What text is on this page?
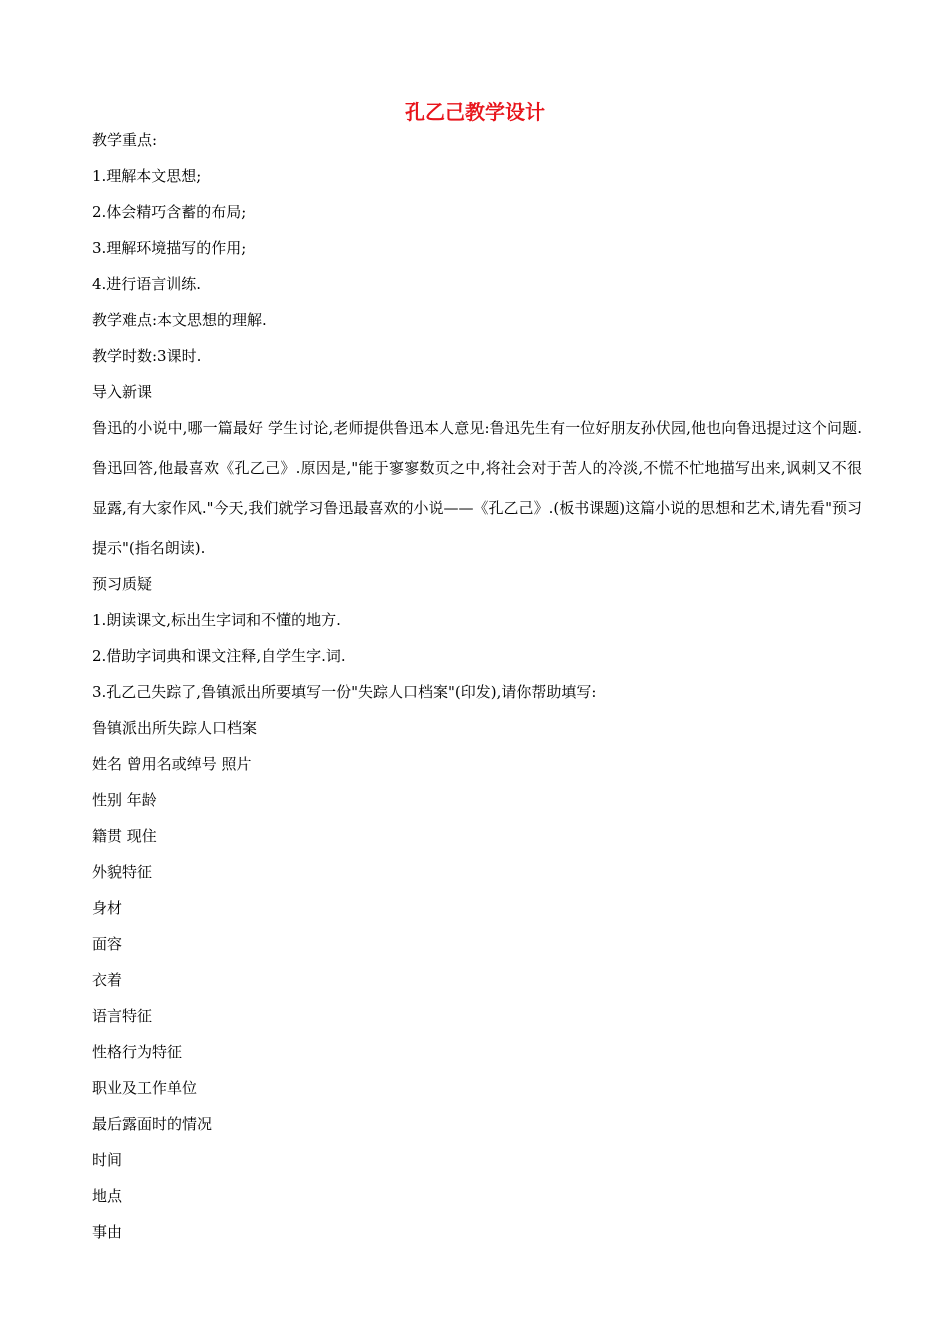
孔乙己教学设计
教学重点:
1.理解本文思想;
2.体会精巧含蓄的布局;
3.理解环境描写的作用;
4.进行语言训练.
教学难点:本文思想的理解.
教学时数:3课时.
导入新课
鲁迅的小说中,哪一篇最好 学生讨论,老师提供鲁迅本人意见:鲁迅先生有一位好朋友孙伏园,他也向鲁迅提过这个问题.鲁迅回答,他最喜欢《孔乙己》.原因是,"能于寥寥数页之中,将社会对于苦人的冷淡,不慌不忙地描写出来,讽刺又不很显露,有大家作风."今天,我们就学习鲁迅最喜欢的小说——《孔乙己》.(板书课题)这篇小说的思想和艺术,请先看"预习提示"(指名朗读).
预习质疑
1.朗读课文,标出生字词和不懂的地方.
2.借助字词典和课文注释,自学生字.词.
3.孔乙己失踪了,鲁镇派出所要填写一份"失踪人口档案"(印发),请你帮助填写:
鲁镇派出所失踪人口档案
姓名 曾用名或绰号 照片
性别 年龄
籍贯 现住
外貌特征
身材
面容
衣着
语言特征
性格行为特征
职业及工作单位
最后露面时的情况
时间
地点
事由
